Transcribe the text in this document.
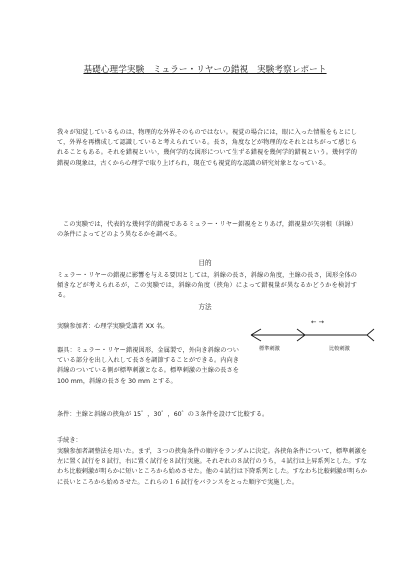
基礎心理学実験　ミュラー・リヤーの錯視　実験考察レポート

我々が知覚しているものは、物理的な外界そのものではない。視覚の場合には，眼に入った情報をもとにして，外界を再構成して認識していると考えられている。長さ，角度などが物理的なそれとはちがって感じられることもある。それを錯視といい，幾何学的な図形について生ずる錯視を幾何学的錯視という。幾何学的錯視の現象は，古くから心理学で取り上げられ，現在でも視覚的な認識の研究対象となっている。

この実験では，代表的な幾何学的錯視であるミュラー・リヤー錯視をとりあげ，錯視量が矢羽根（斜線）の条件によってどのよう異なるかを調べる。

目的

ミュラー・リヤーの錯視に影響を与える要因としては，斜線の長さ，斜線の角度，主線の長さ，図形全体の傾きなどが考えられるが，この実験では，斜線の角度（挟角）によって錯視量が異なるかどうかを検討する。

方法

実験参加者：心理学実験受講者 XX 名。

器具：ミュラー・リヤー錯視図形，金属製で，外向き斜線のついている部分を出し入れして長さを調節することができる。内向き斜線のついている側が標準刺激となる。標準刺激の主線の長さを 100 mm，斜線の長さを 30 mm とする。

← →
標準刺激	比較刺激

条件：主線と斜線の挟角が 15゜，30゜，60゜の３条件を設けて比較する。

手続き：

実験参加者調整法を用いた。まず，３つの挟角条件の順序をランダムに決定。各挟角条件について，標準刺激を左に置く試行を８試行，右に置く試行を８試行実施。それぞれの８試行のうち，４試行は上昇系列とした。すなわち比較刺激が明らかに短いところから始めさせた。他の４試行は下降系列とした。すなわち比較刺激が明らかに長いところから始めさせた。これらの１６試行をバランスをとった順序で実施した。
